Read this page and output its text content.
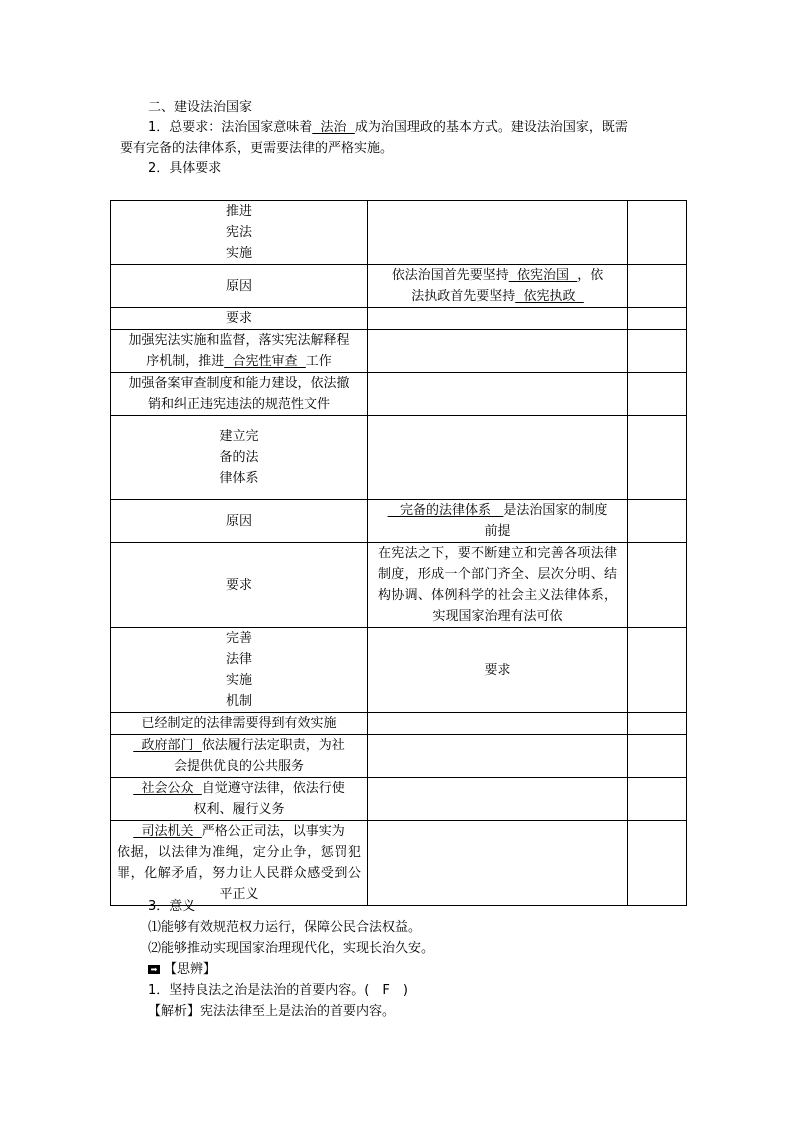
二、建设法治国家
1．总要求：法治国家意味着 法治 成为治国理政的基本方式。建设法治国家，既需
要有完备的法律体系，更需要法律的严格实施。
2．具体要求
推进宪法实施		

原因	依法治国首先要坚持 依宪治国 ，依
法执政首先要坚持 依宪执政	

要求		

加强宪法实施和监督，落实宪法解释程
序机制，推进 合宪性审查 工作		

加强备案审查制度和能力建设，依法撤
销和纠正违宪违法的规范性文件		

建立完备的法律体系		

原因	完备的法律体系 是法治国家的制度
前提	

要求	在宪法之下，要不断建立和完善各项法律制度，形成一个部门齐全、层次分明、结构协调、体例科学的社会主义法律体系，实现国家治理有法可依	

完善法律实施机制	要求	
已经制定的法律需要得到有效实施		

政府部门 依法履行法定职责，为社
会提供优良的公共服务		

社会公众 自觉遵守法律，依法行使
权利、履行义务		

司法机关 严格公正司法，以事实为
依据，以法律为准绳，定分止争，惩罚犯罪，化解矛盾，努力让人民群众感受到公平正义		

3．意义
⑴能够有效规范权力运行，保障公民合法权益。
⑵能够推动实现国家治理现代化，实现长治久安。
➡ 【思辨】
1．坚持良法之治是法治的首要内容。(　F　)
【解析】宪法法律至上是法治的首要内容。
